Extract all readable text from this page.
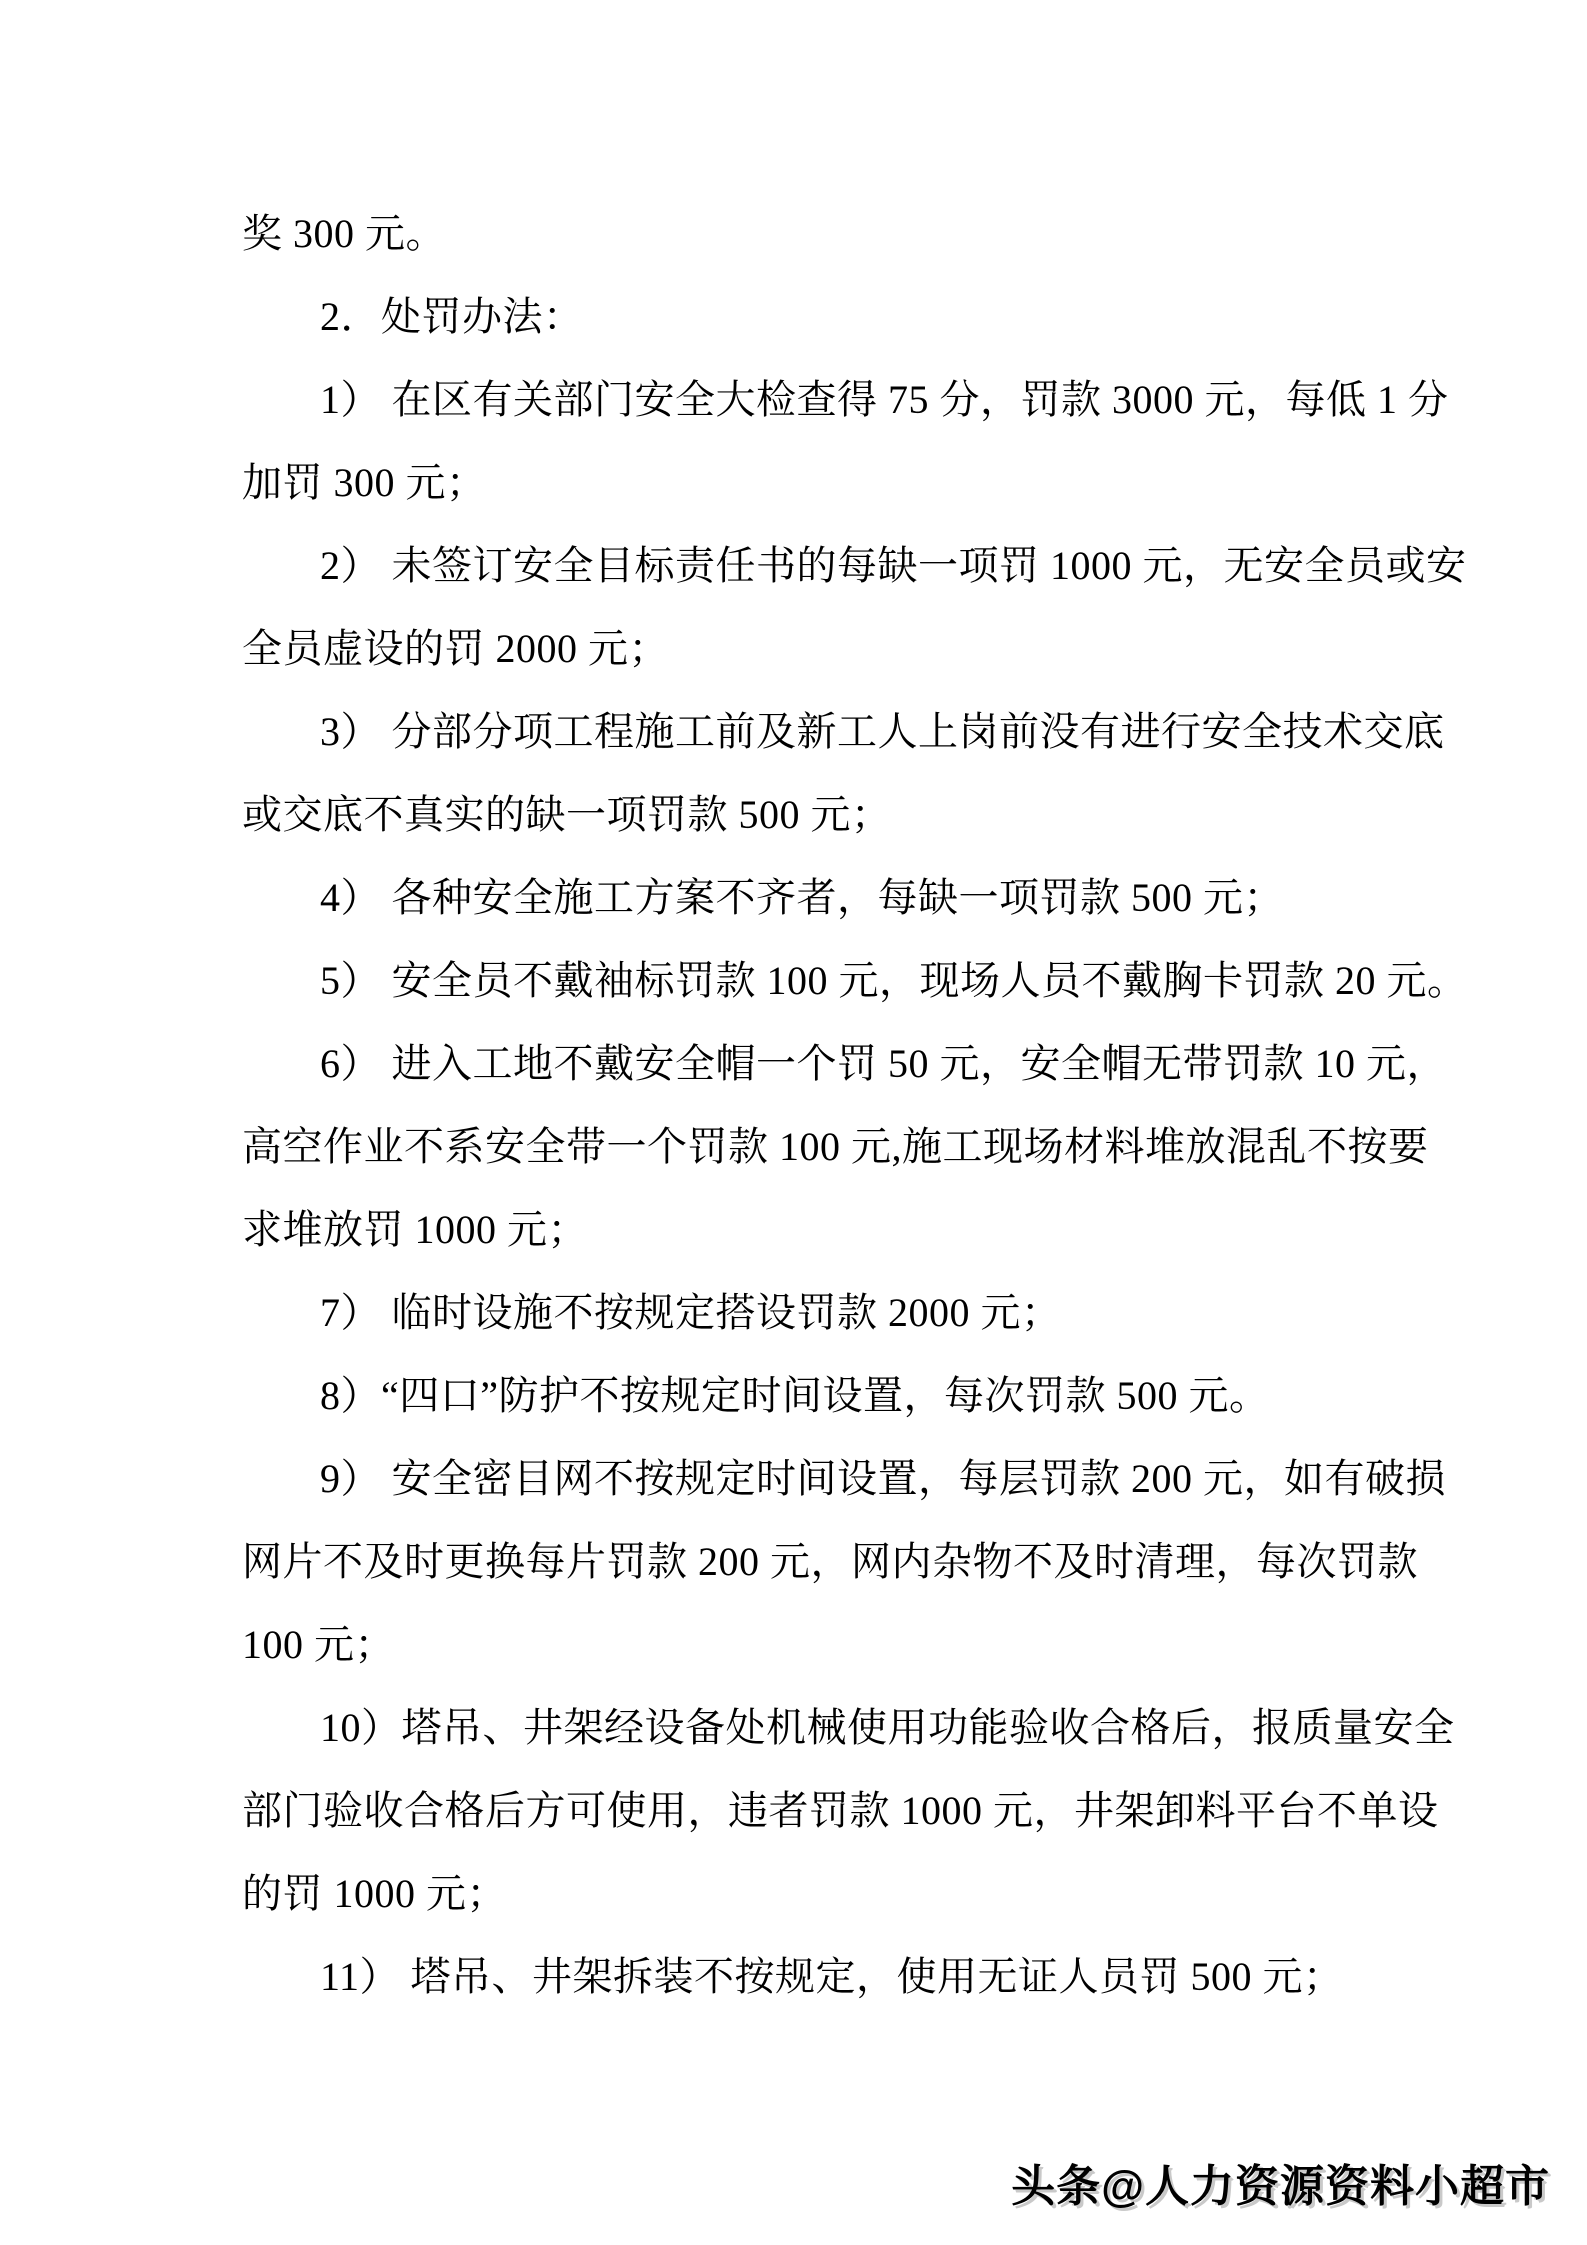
奖 300 元。
2．处罚办法：
1） 在区有关部门安全大检查得 75 分，罚款 3000 元，每低 1 分
加罚 300 元；
2） 未签订安全目标责任书的每缺一项罚 1000 元，无安全员或安
全员虚设的罚 2000 元；
3） 分部分项工程施工前及新工人上岗前没有进行安全技术交底
或交底不真实的缺一项罚款 500 元；
4） 各种安全施工方案不齐者，每缺一项罚款 500 元；
5） 安全员不戴袖标罚款 100 元，现场人员不戴胸卡罚款 20 元。
6） 进入工地不戴安全帽一个罚 50 元，安全帽无带罚款 10 元，
高空作业不系安全带一个罚款 100 元,施工现场材料堆放混乱不按要
求堆放罚 1000 元；
7） 临时设施不按规定搭设罚款 2000 元；
8）“四口”防护不按规定时间设置，每次罚款 500 元。
9） 安全密目网不按规定时间设置，每层罚款 200 元，如有破损
网片不及时更换每片罚款 200 元，网内杂物不及时清理，每次罚款
100 元；
10）塔吊、井架经设备处机械使用功能验收合格后，报质量安全
部门验收合格后方可使用，违者罚款 1000 元，井架卸料平台不单设
的罚 1000 元；
11） 塔吊、井架拆装不按规定，使用无证人员罚 500 元；
头条@人力资源资料小超市
